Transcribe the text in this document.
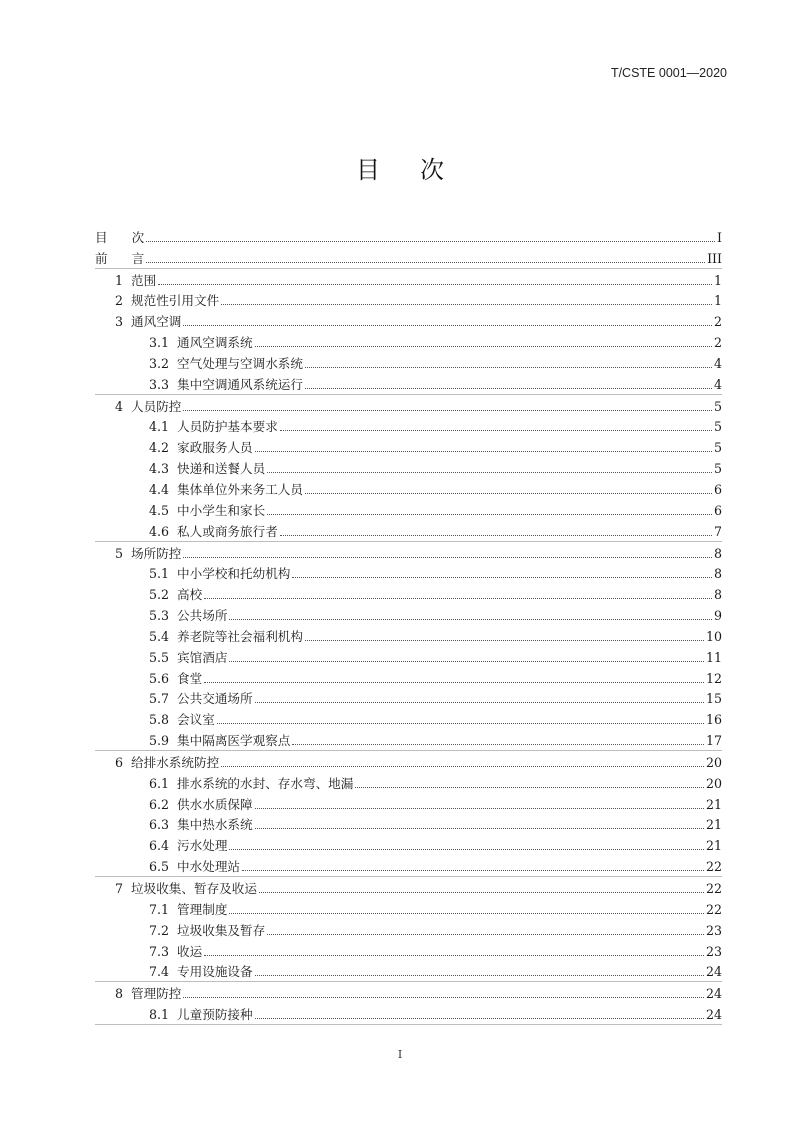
T/CSTE 0001—2020
目次
目      次	I
前      言	III
1  范围	1
2  规范性引用文件	1
3  通风空调	2
3.1  通风空调系统	2
3.2  空气处理与空调水系统	4
3.3  集中空调通风系统运行	4
4  人员防控	5
4.1  人员防护基本要求	5
4.2  家政服务人员	5
4.3  快递和送餐人员	5
4.4  集体单位外来务工人员	6
4.5  中小学生和家长	6
4.6  私人或商务旅行者	7
5  场所防控	8
5.1  中小学校和托幼机构	8
5.2  高校	8
5.3  公共场所	9
5.4  养老院等社会福利机构	10
5.5  宾馆酒店	11
5.6  食堂	12
5.7  公共交通场所	15
5.8  会议室	16
5.9  集中隔离医学观察点	17
6  给排水系统防控	20
6.1  排水系统的水封、存水弯、地漏	20
6.2  供水水质保障	21
6.3  集中热水系统	21
6.4  污水处理	21
6.5  中水处理站	22
7  垃圾收集、暂存及收运	22
7.1  管理制度	22
7.2  垃圾收集及暂存	23
7.3  收运	23
7.4  专用设施设备	24
8  管理防控	24
8.1  儿童预防接种	24
I
